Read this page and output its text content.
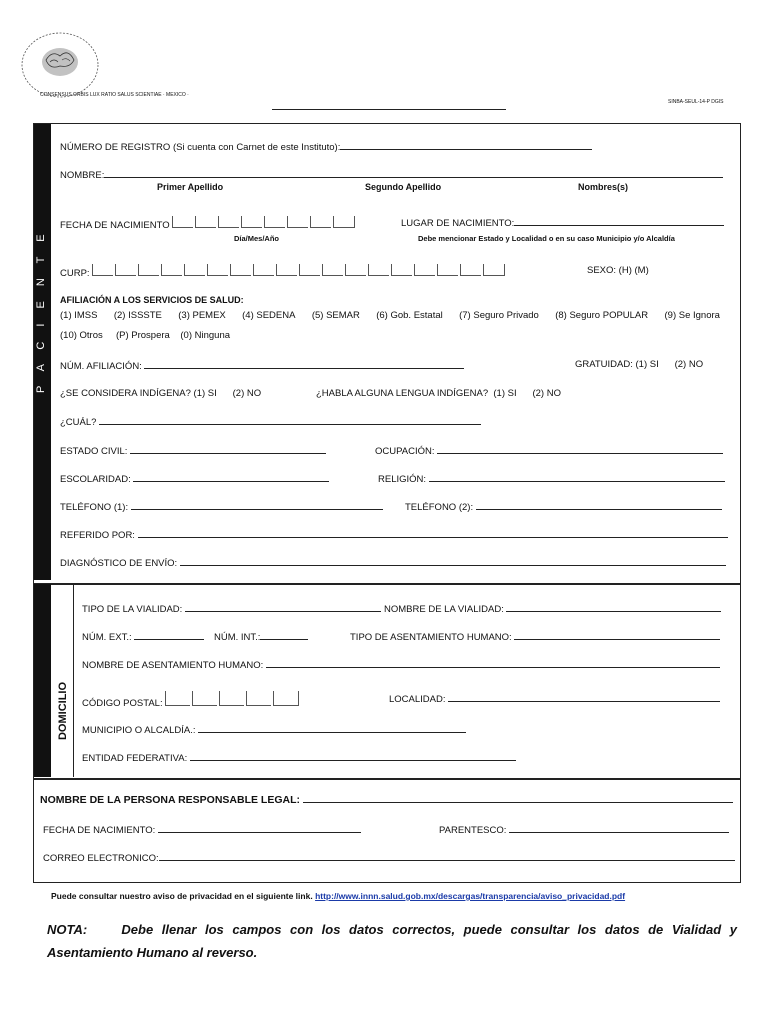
CONSENSUS ORBIS LUX RATIO SALUS SCIENTIAE · MEXICO ·
SINBA-SEUL-14-P DGIS
P A C I E N T E
NÚMERO DE REGISTRO (Si cuenta con Carnet de este Instituto):
NOMBRE:
Primer Apellido	Segundo Apellido	Nombres(s)
FECHA DE NACIMIENTO
Día/Mes/Año
LUGAR DE NACIMIENTO:
Debe mencionar Estado y Localidad o en su caso Municipio y/o Alcaldía
CURP:	SEXO: (H) (M)
AFILIACIÓN A LOS SERVICIOS DE SALUD:
(1) IMSS (2) ISSSTE (3) PEMEX (4) SEDENA (5) SEMAR (6) Gob. Estatal (7) Seguro Privado (8) Seguro POPULAR (9) Se Ignora
(10) Otros (P) Prospera (0) Ninguna
NÚM. AFILIACIÓN:	GRATUIDAD: (1) SI      (2) NO
¿SE CONSIDERA INDÍGENA? (1) SI      (2) NO	¿HABLA ALGUNA LENGUA INDÍGENA?  (1) SI      (2) NO
¿CUÁL?
ESTADO CIVIL:	OCUPACIÓN:
ESCOLARIDAD:	RELIGIÓN:
TELÉFONO (1):	TELÉFONO (2):
REFERIDO POR:
DIAGNÓSTICO DE ENVÍO:
DOMICILIO
TIPO DE LA VIALIDAD:	NOMBRE DE LA VIALIDAD:
NÚM. EXT.:	NÚM. INT.:	TIPO DE ASENTAMIENTO HUMANO:
NOMBRE DE ASENTAMIENTO HUMANO:
CÓDIGO POSTAL:	LOCALIDAD:
MUNICIPIO O ALCALDÍA.:
ENTIDAD FEDERATIVA:
NOMBRE DE LA PERSONA RESPONSABLE LEGAL:
FECHA DE NACIMIENTO:	PARENTESCO:
CORREO ELECTRONICO:
Puede consultar nuestro aviso de privacidad en el siguiente link. http://www.innn.salud.gob.mx/descargas/transparencia/aviso_privacidad.pdf
NOTA:	Debe llenar los campos con los datos correctos, puede consultar los datos de Vialidad y Asentamiento Humano al reverso.
